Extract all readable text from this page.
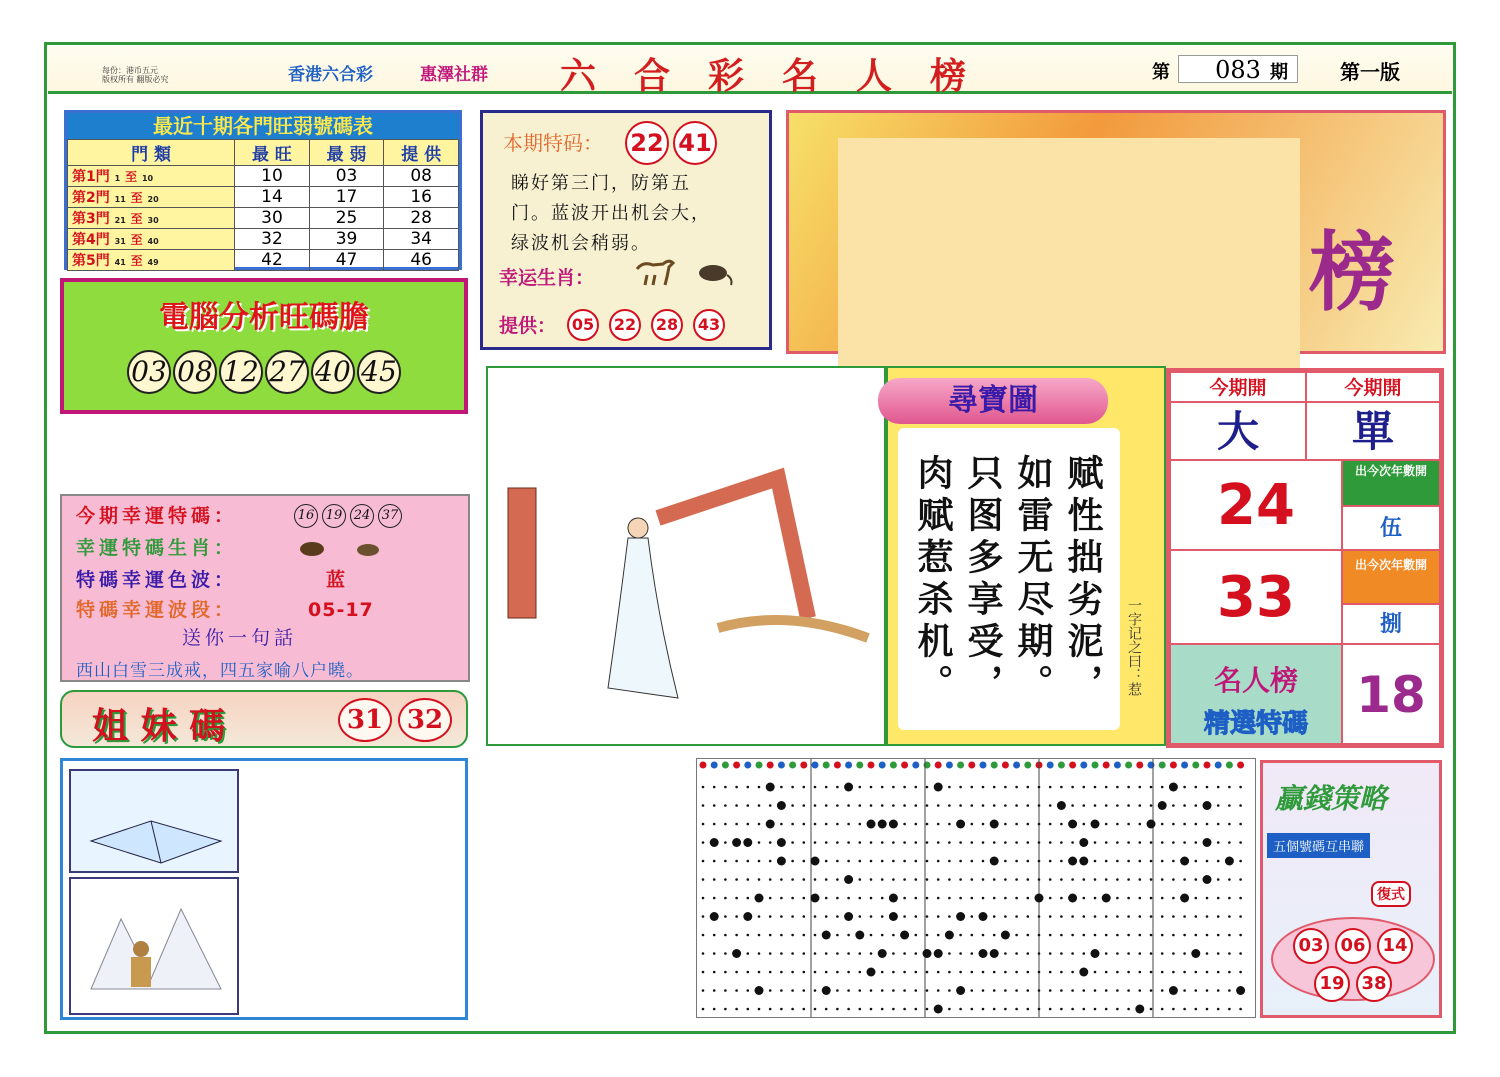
每份：港币五元
版权所有 翻版必究	香港六合彩	惠澤社群 六合彩名人榜	第	083 期	第一版
最近十期各門旺弱號碼表
門 類	最 旺	最 弱	提 供
第1門 1 至 10	10	03	08
第2門 11 至 20	14	17	16
第3門 21 至 30	30	25	28
第4門 31 至 40	32	39	34
第5門 41 至 49	42	47	46
電腦分析旺碼膽
03 08 12 27 40 45
本期特码： 22 41
睇好第三门，防第五
门。蓝波开出机会大，
绿波机会稍弱。
幸运生肖：
提供： 05 22 28 43
榜
今期幸運特碼：	16 19 24 37
幸運特碼生肖：
特碼幸運色波：	蓝
特碼幸運波段：	05-17
送你一句話
西山白雪三成戒，四五家喻八户曉。
姐 妹 碼	31 32
尋寶圖
赋性拙劣泥，如雷无尽期。只图多享受，肉赋惹杀机。	一字记之曰：惹
今期開	今期開
大	單
24
出今次年數開
伍
33	出今次年數開
捌
名人榜
精選特碼 18
贏錢策略
五個號碼互串聯
復式
03 06 1419 38
